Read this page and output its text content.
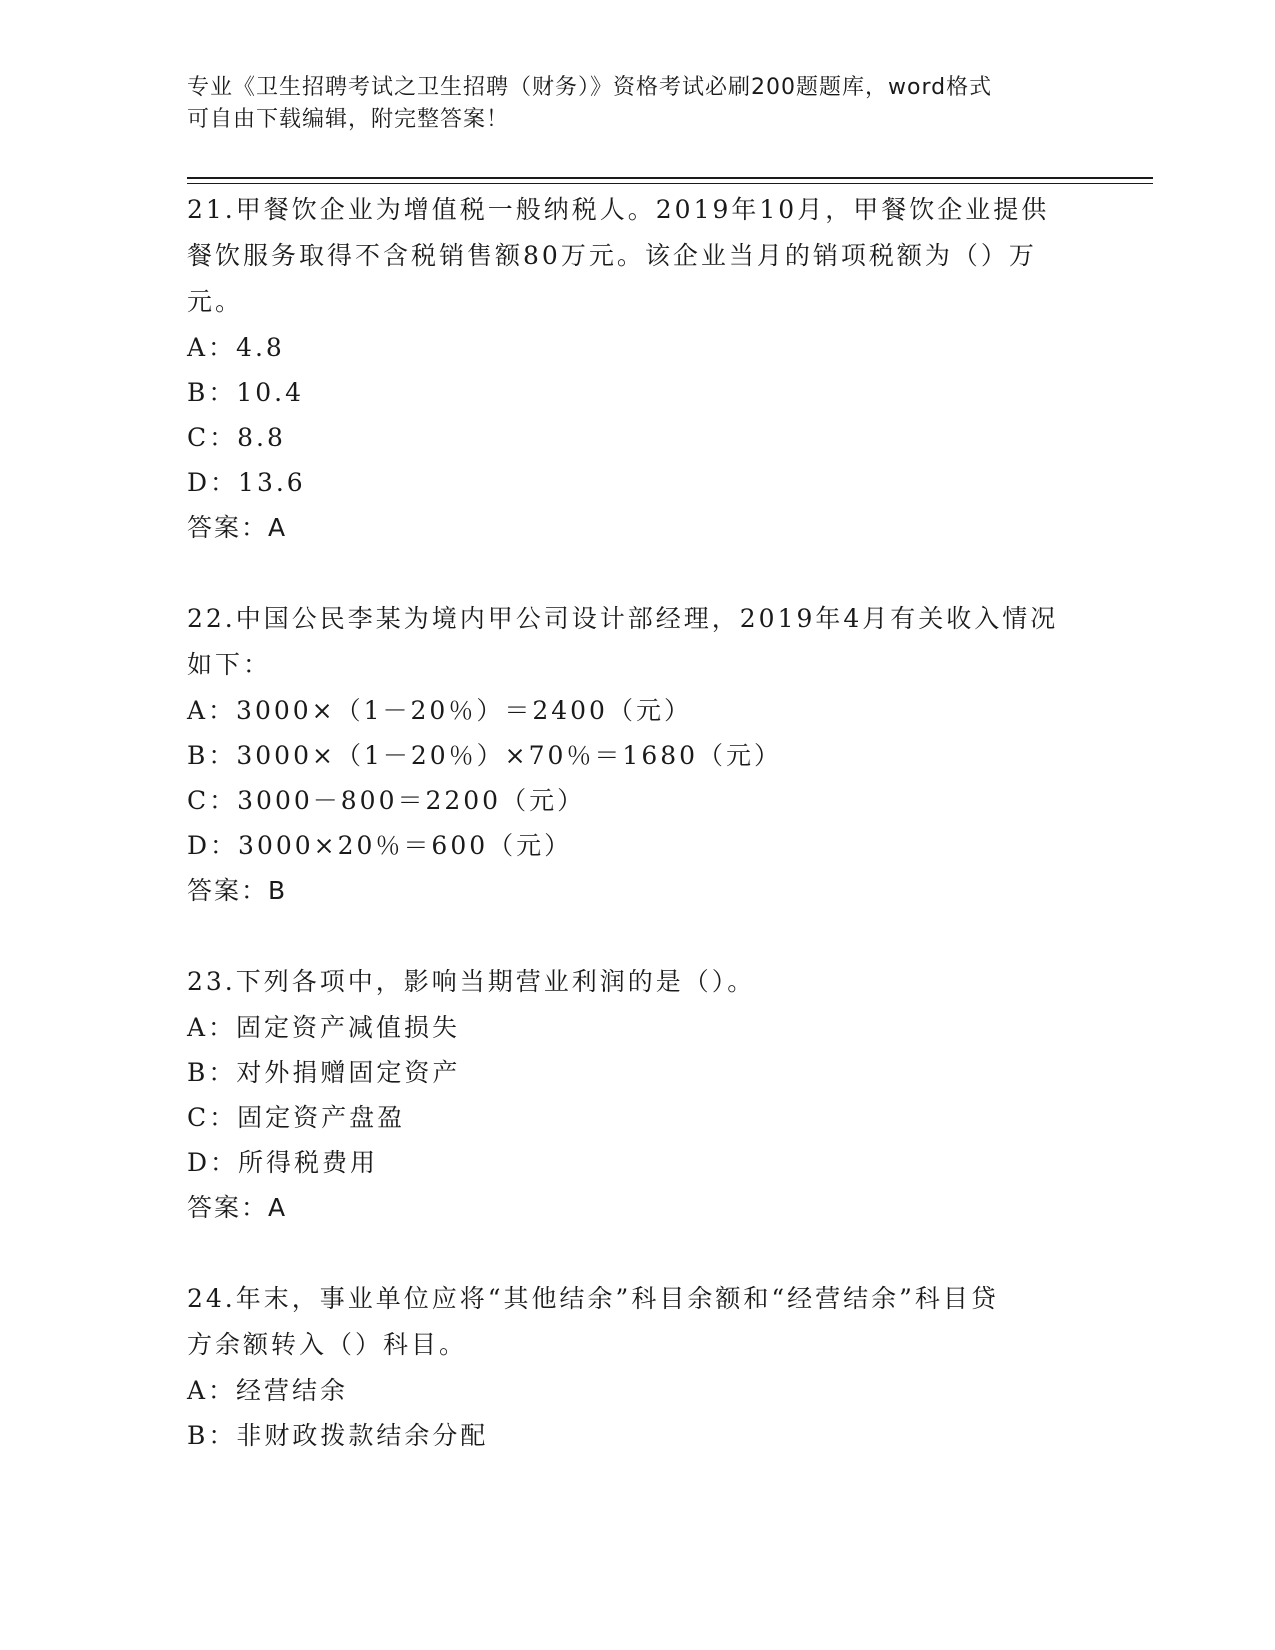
专业《卫生招聘考试之卫生招聘（财务）》资格考试必刷200题题库，word格式
可自由下载编辑，附完整答案！
21.甲餐饮企业为增值税一般纳税人。2019年10月，甲餐饮企业提供
餐饮服务取得不含税销售额80万元。该企业当月的销项税额为（）万
元。
A：4.8
B：10.4
C：8.8
D：13.6
答案：A
22.中国公民李某为境内甲公司设计部经理，2019年4月有关收入情况
如下：
A：3000×（1－20％）＝2400（元）
B：3000×（1－20％）×70％＝1680（元）
C：3000－800＝2200（元）
D：3000×20％＝600（元）
答案：B
23.下列各项中，影响当期营业利润的是（）。
A：固定资产减值损失
B：对外捐赠固定资产
C：固定资产盘盈
D：所得税费用
答案：A
24.年末，事业单位应将“其他结余”科目余额和“经营结余”科目贷
方余额转入（）科目。
A：经营结余
B：非财政拨款结余分配
